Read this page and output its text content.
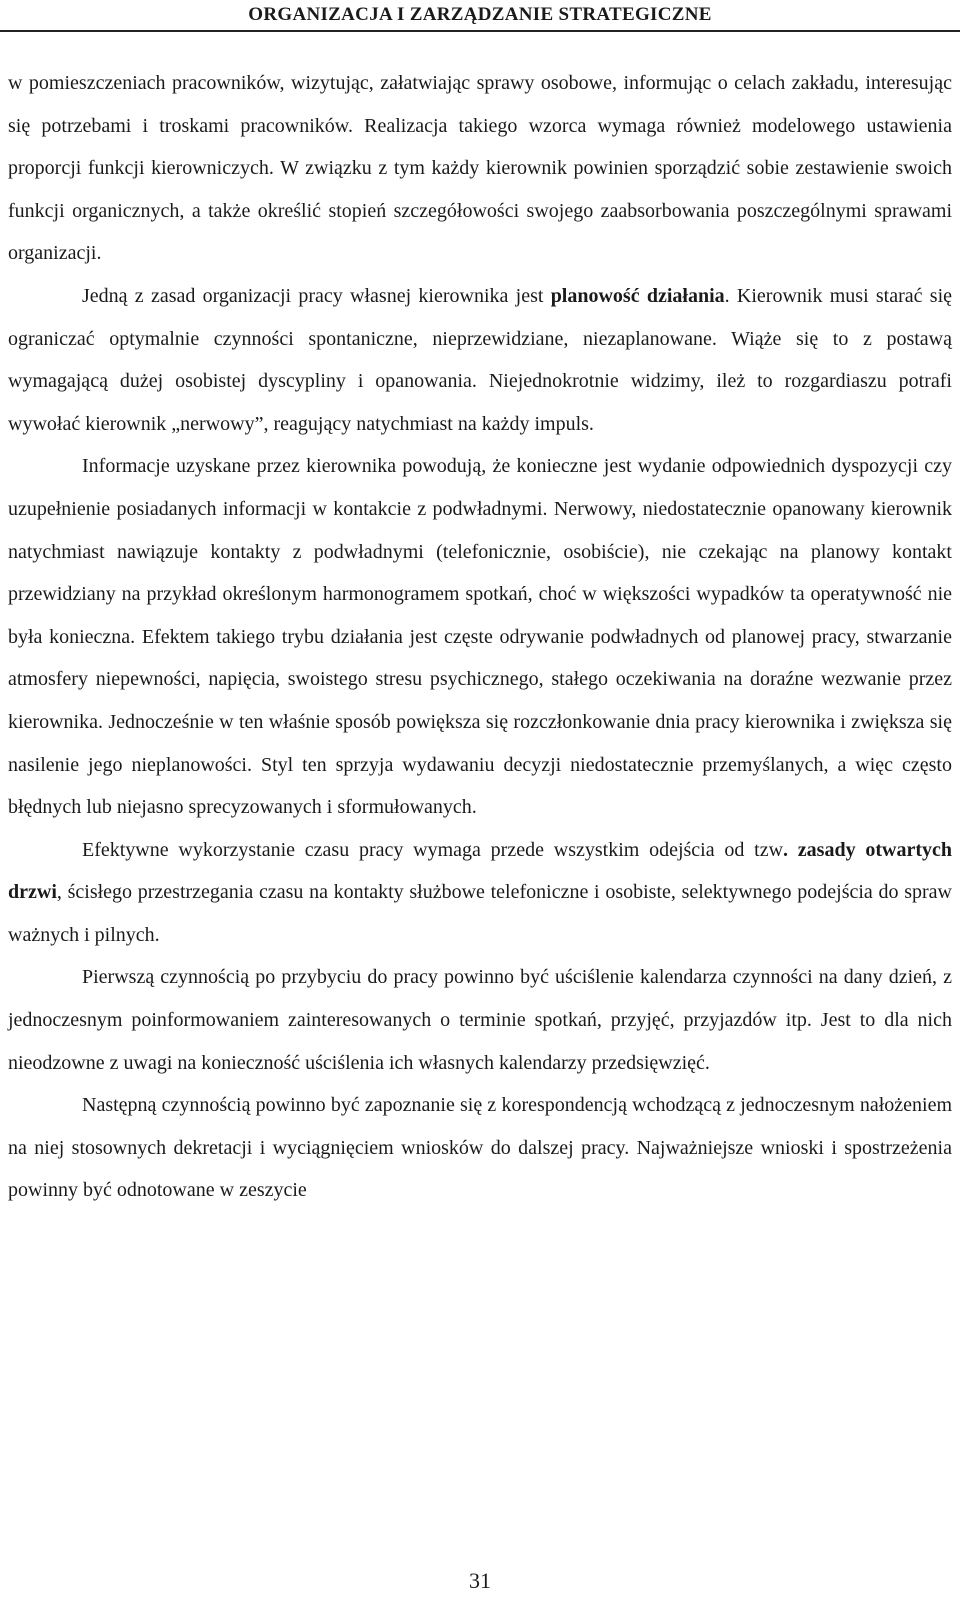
ORGANIZACJA I ZARZĄDZANIE STRATEGICZNE

w pomieszczeniach pracowników, wizytując, załatwiając sprawy osobowe, informując o celach zakładu, interesując się potrzebami i troskami pracowników. Realizacja takiego wzorca wymaga również modelowego ustawienia proporcji funkcji kierowniczych. W związku z tym każdy kierownik powinien sporządzić sobie zestawienie swoich funkcji organicznych, a także określić stopień szczegółowości swojego zaabsorbowania poszczególnymi sprawami organizacji.

Jedną z zasad organizacji pracy własnej kierownika jest planowość działania. Kierownik musi starać się ograniczać optymalnie czynności spontaniczne, nieprzewidziane, niezaplanowane. Wiąże się to z postawą wymagającą dużej osobistej dyscypliny i opanowania. Niejednokrotnie widzimy, ileż to rozgardiaszu potrafi wywołać kierownik „nerwowy”, reagujący natychmiast na każdy impuls.

Informacje uzyskane przez kierownika powodują, że konieczne jest wydanie odpowiednich dyspozycji czy uzupełnienie posiadanych informacji w kontakcie z podwładnymi. Nerwowy, niedostatecznie opanowany kierownik natychmiast nawiązuje kontakty z podwładnymi (telefonicznie, osobiście), nie czekając na planowy kontakt przewidziany na przykład określonym harmonogramem spotkań, choć w większości wypadków ta operatywność nie była konieczna. Efektem takiego trybu działania jest częste odrywanie podwładnych od planowej pracy, stwarzanie atmosfery niepewności, napięcia, swoistego stresu psychicznego, stałego oczekiwania na doraźne wezwanie przez kierownika. Jednocześnie w ten właśnie sposób powiększa się rozczłonkowanie dnia pracy kierownika i zwiększa się nasilenie jego nieplanowości. Styl ten sprzyja wydawaniu decyzji niedostatecznie przemyślanych, a więc często błędnych lub niejasno sprecyzowanych i sformułowanych.

Efektywne wykorzystanie czasu pracy wymaga przede wszystkim odejścia od tzw. zasady otwartych drzwi, ścisłego przestrzegania czasu na kontakty służbowe telefoniczne i osobiste, selektywnego podejścia do spraw ważnych i pilnych.

Pierwszą czynnością po przybyciu do pracy powinno być uściślenie kalendarza czynności na dany dzień, z jednoczesnym poinformowaniem zainteresowanych o terminie spotkań, przyjęć, przyjazdów itp. Jest to dla nich nieodzowne z uwagi na konieczność uściślenia ich własnych kalendarzy przedsięwzięć.

Następną czynnością powinno być zapoznanie się z korespondencją wchodzącą z jednoczesnym nałożeniem na niej stosownych dekretacji i wyciągnięciem wniosków do dalszej pracy. Najważniejsze wnioski i spostrzeżenia powinny być odnotowane w zeszycie

31
